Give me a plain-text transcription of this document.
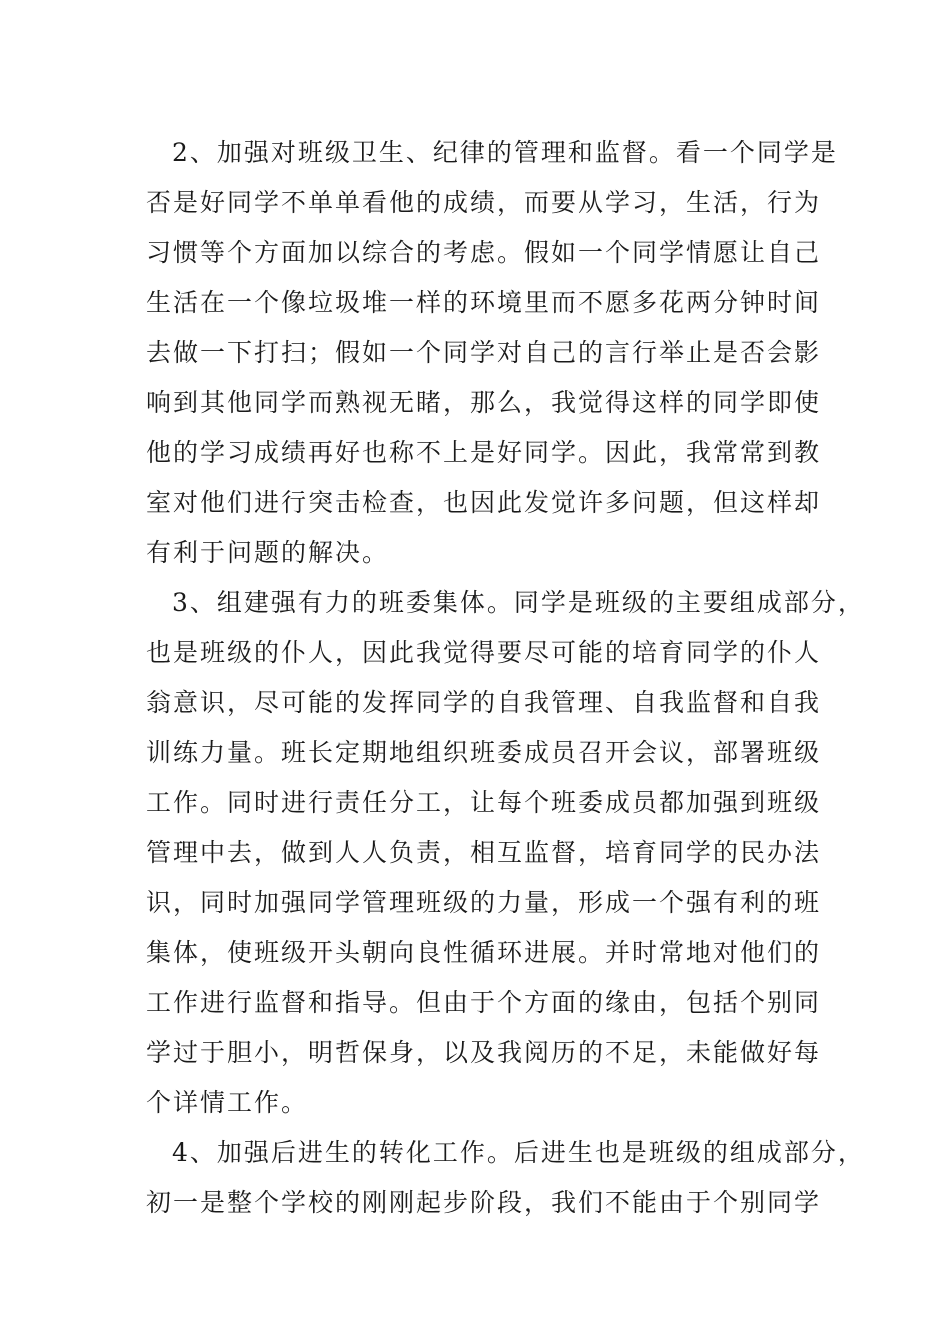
2、加强对班级卫生、纪律的管理和监督。看一个同学是
否是好同学不单单看他的成绩，而要从学习，生活，行为
习惯等个方面加以综合的考虑。假如一个同学情愿让自己
生活在一个像垃圾堆一样的环境里而不愿多花两分钟时间
去做一下打扫；假如一个同学对自己的言行举止是否会影
响到其他同学而熟视无睹，那么，我觉得这样的同学即使
他的学习成绩再好也称不上是好同学。因此，我常常到教
室对他们进行突击检查，也因此发觉许多问题，但这样却
有利于问题的解决。
3、组建强有力的班委集体。同学是班级的主要组成部分，
也是班级的仆人，因此我觉得要尽可能的培育同学的仆人
翁意识，尽可能的发挥同学的自我管理、自我监督和自我
训练力量。班长定期地组织班委成员召开会议，部署班级
工作。同时进行责任分工，让每个班委成员都加强到班级
管理中去，做到人人负责，相互监督，培育同学的民办法
识，同时加强同学管理班级的力量，形成一个强有利的班
集体，使班级开头朝向良性循环进展。并时常地对他们的
工作进行监督和指导。但由于个方面的缘由，包括个别同
学过于胆小，明哲保身，以及我阅历的不足，未能做好每
个详情工作。
4、加强后进生的转化工作。后进生也是班级的组成部分，
初一是整个学校的刚刚起步阶段，我们不能由于个别同学
